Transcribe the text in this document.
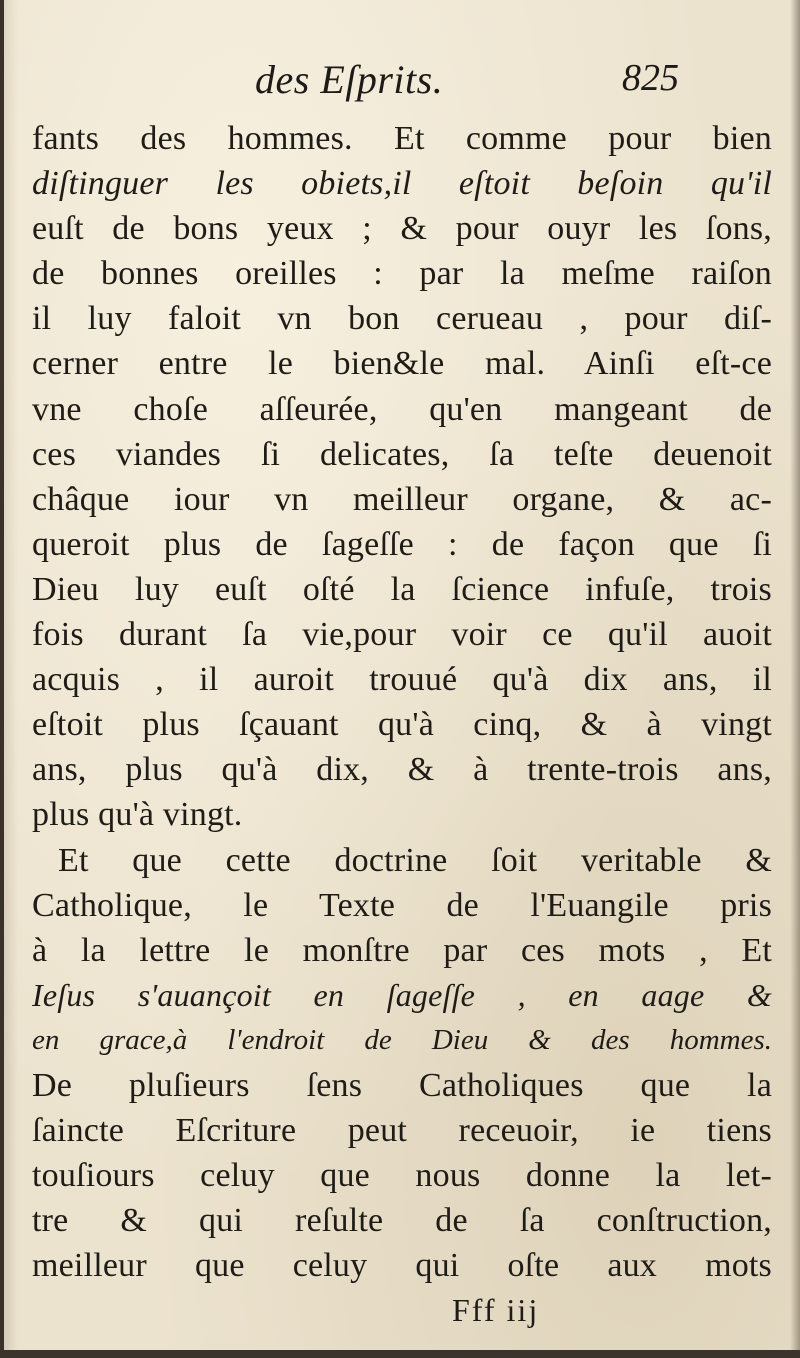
des Eſprits.	825
fants des hommes. Et comme pour bien
diſtinguer les obiets,il eſtoit beſoin qu'il
euſt de bons yeux ; & pour ouyr les ſons,
de bonnes oreilles : par la meſme raiſon
il luy faloit vn bon cerueau , pour diſ-
cerner entre le bien&le mal. Ainſi eſt-ce
vne choſe aſſeurée, qu'en mangeant de
ces viandes ſi delicates, ſa teſte deuenoit
châque iour vn meilleur organe, & ac-
queroit plus de ſageſſe : de façon que ſi
Dieu luy euſt oſté la ſcience infuſe, trois
fois durant ſa vie,pour voir ce qu'il auoit
acquis , il auroit trouué qu'à dix ans, il
eſtoit plus ſçauant qu'à cinq, & à vingt
ans, plus qu'à dix, & à trente-trois ans,
plus qu'à vingt.
Et que cette doctrine ſoit veritable &
Catholique, le Texte de l'Euangile pris
à la lettre le monſtre par ces mots , Et
Ieſus s'auançoit en ſageſſe , en aage &
en grace,à l'endroit de Dieu & des hommes.
De pluſieurs ſens Catholiques que la
ſaincte Eſcriture peut receuoir, ie tiens
touſiours celuy que nous donne la let-
tre & qui reſulte de ſa conſtruction,
meilleur que celuy qui oſte aux mots
Fff iij
